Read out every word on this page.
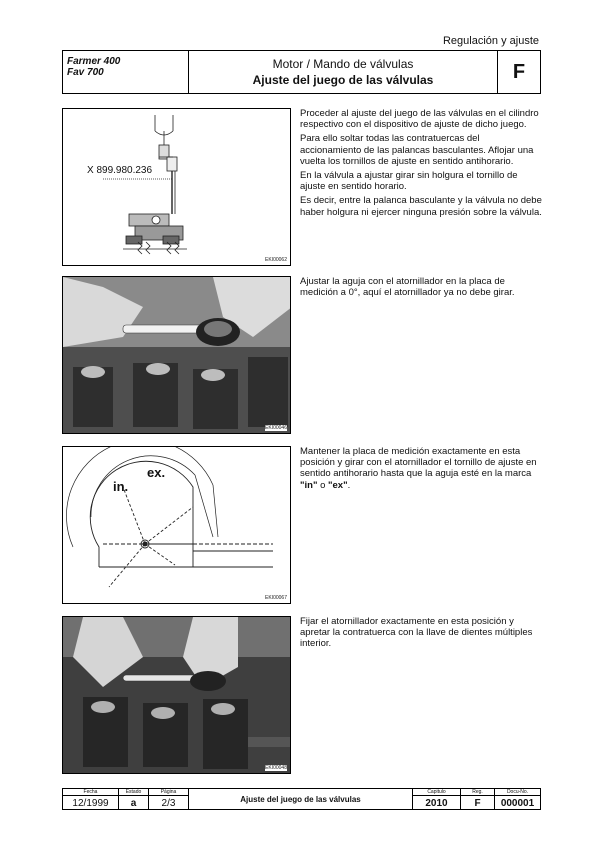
Regulación y ajuste
Farmer 400
Fav 700
Motor / Mando de válvulas
Ajuste del juego de las válvulas	F
X 899.980.236
EKI00062
EKI00046
ex.
in.
EKI00067
EKI00048

Proceder al ajuste del juego de las válvulas en el cilindro respectivo con el dispositivo de ajuste de dicho juego.

Para ello soltar todas las contratuercas del accionamiento de las palancas basculantes. Aflojar una vuelta los tornillos de ajuste en sentido antihorario.

En la válvula a ajustar girar sin holgura el tornillo de ajuste en sentido horario.

Es decir, entre la palanca basculante y la válvula no debe haber holgura ni ejercer ninguna presión sobre la válvula.

Ajustar la aguja con el atornillador en la placa de medición a 0°, aquí el atornillador ya no debe girar.

Mantener la placa de medición exactamente en esta posición y girar con el atornillador el tornillo de ajuste en sentido antihorario hasta que la aguja esté en la marca "in" o "ex".

Fijar el atornillador exactamente en esta posición y apretar la contratuerca con la llave de dientes múltiples interior.

Fecha
12/1999
Estado
a
Página
2/3	Ajuste del juego de las válvulas
Capitulo
2010
Reg.
F
Docu-No.
000001
